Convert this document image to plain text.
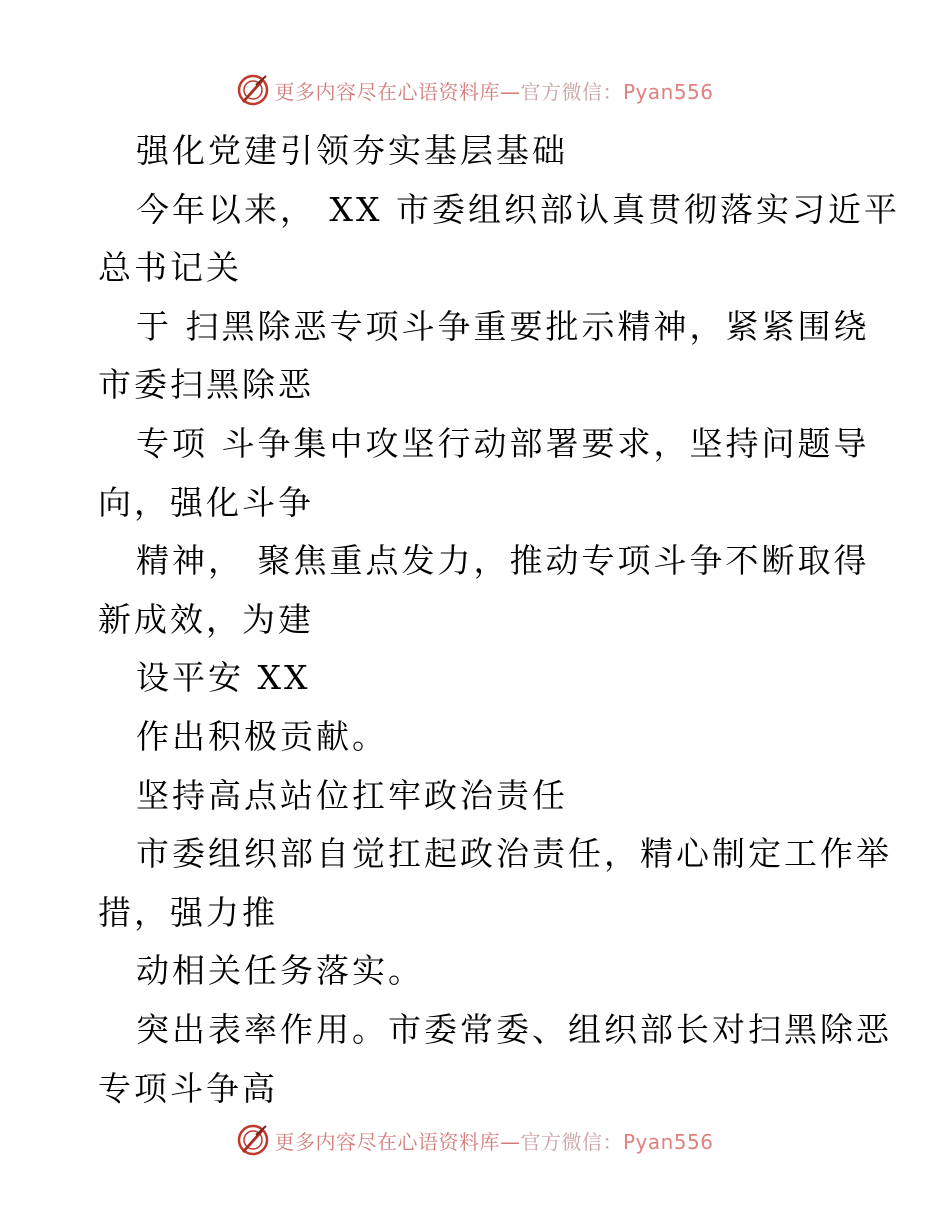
更多内容尽在心语资料库—官方微信：Pyan556
强化党建引领夯实基层基础
今年以来， XX 市委组织部认真贯彻落实习近平
总书记关
于 扫黑除恶专项斗争重要批示精神，紧紧围绕
市委扫黑除恶
专项 斗争集中攻坚行动部署要求，坚持问题导
向，强化斗争
精神， 聚焦重点发力，推动专项斗争不断取得
新成效，为建
设平安 XX
作出积极贡献。
坚持高点站位扛牢政治责任
市委组织部自觉扛起政治责任，精心制定工作举
措，强力推
动相关任务落实。
突出表率作用。市委常委、组织部长对扫黑除恶
专项斗争高
更多内容尽在心语资料库—官方微信：Pyan556
